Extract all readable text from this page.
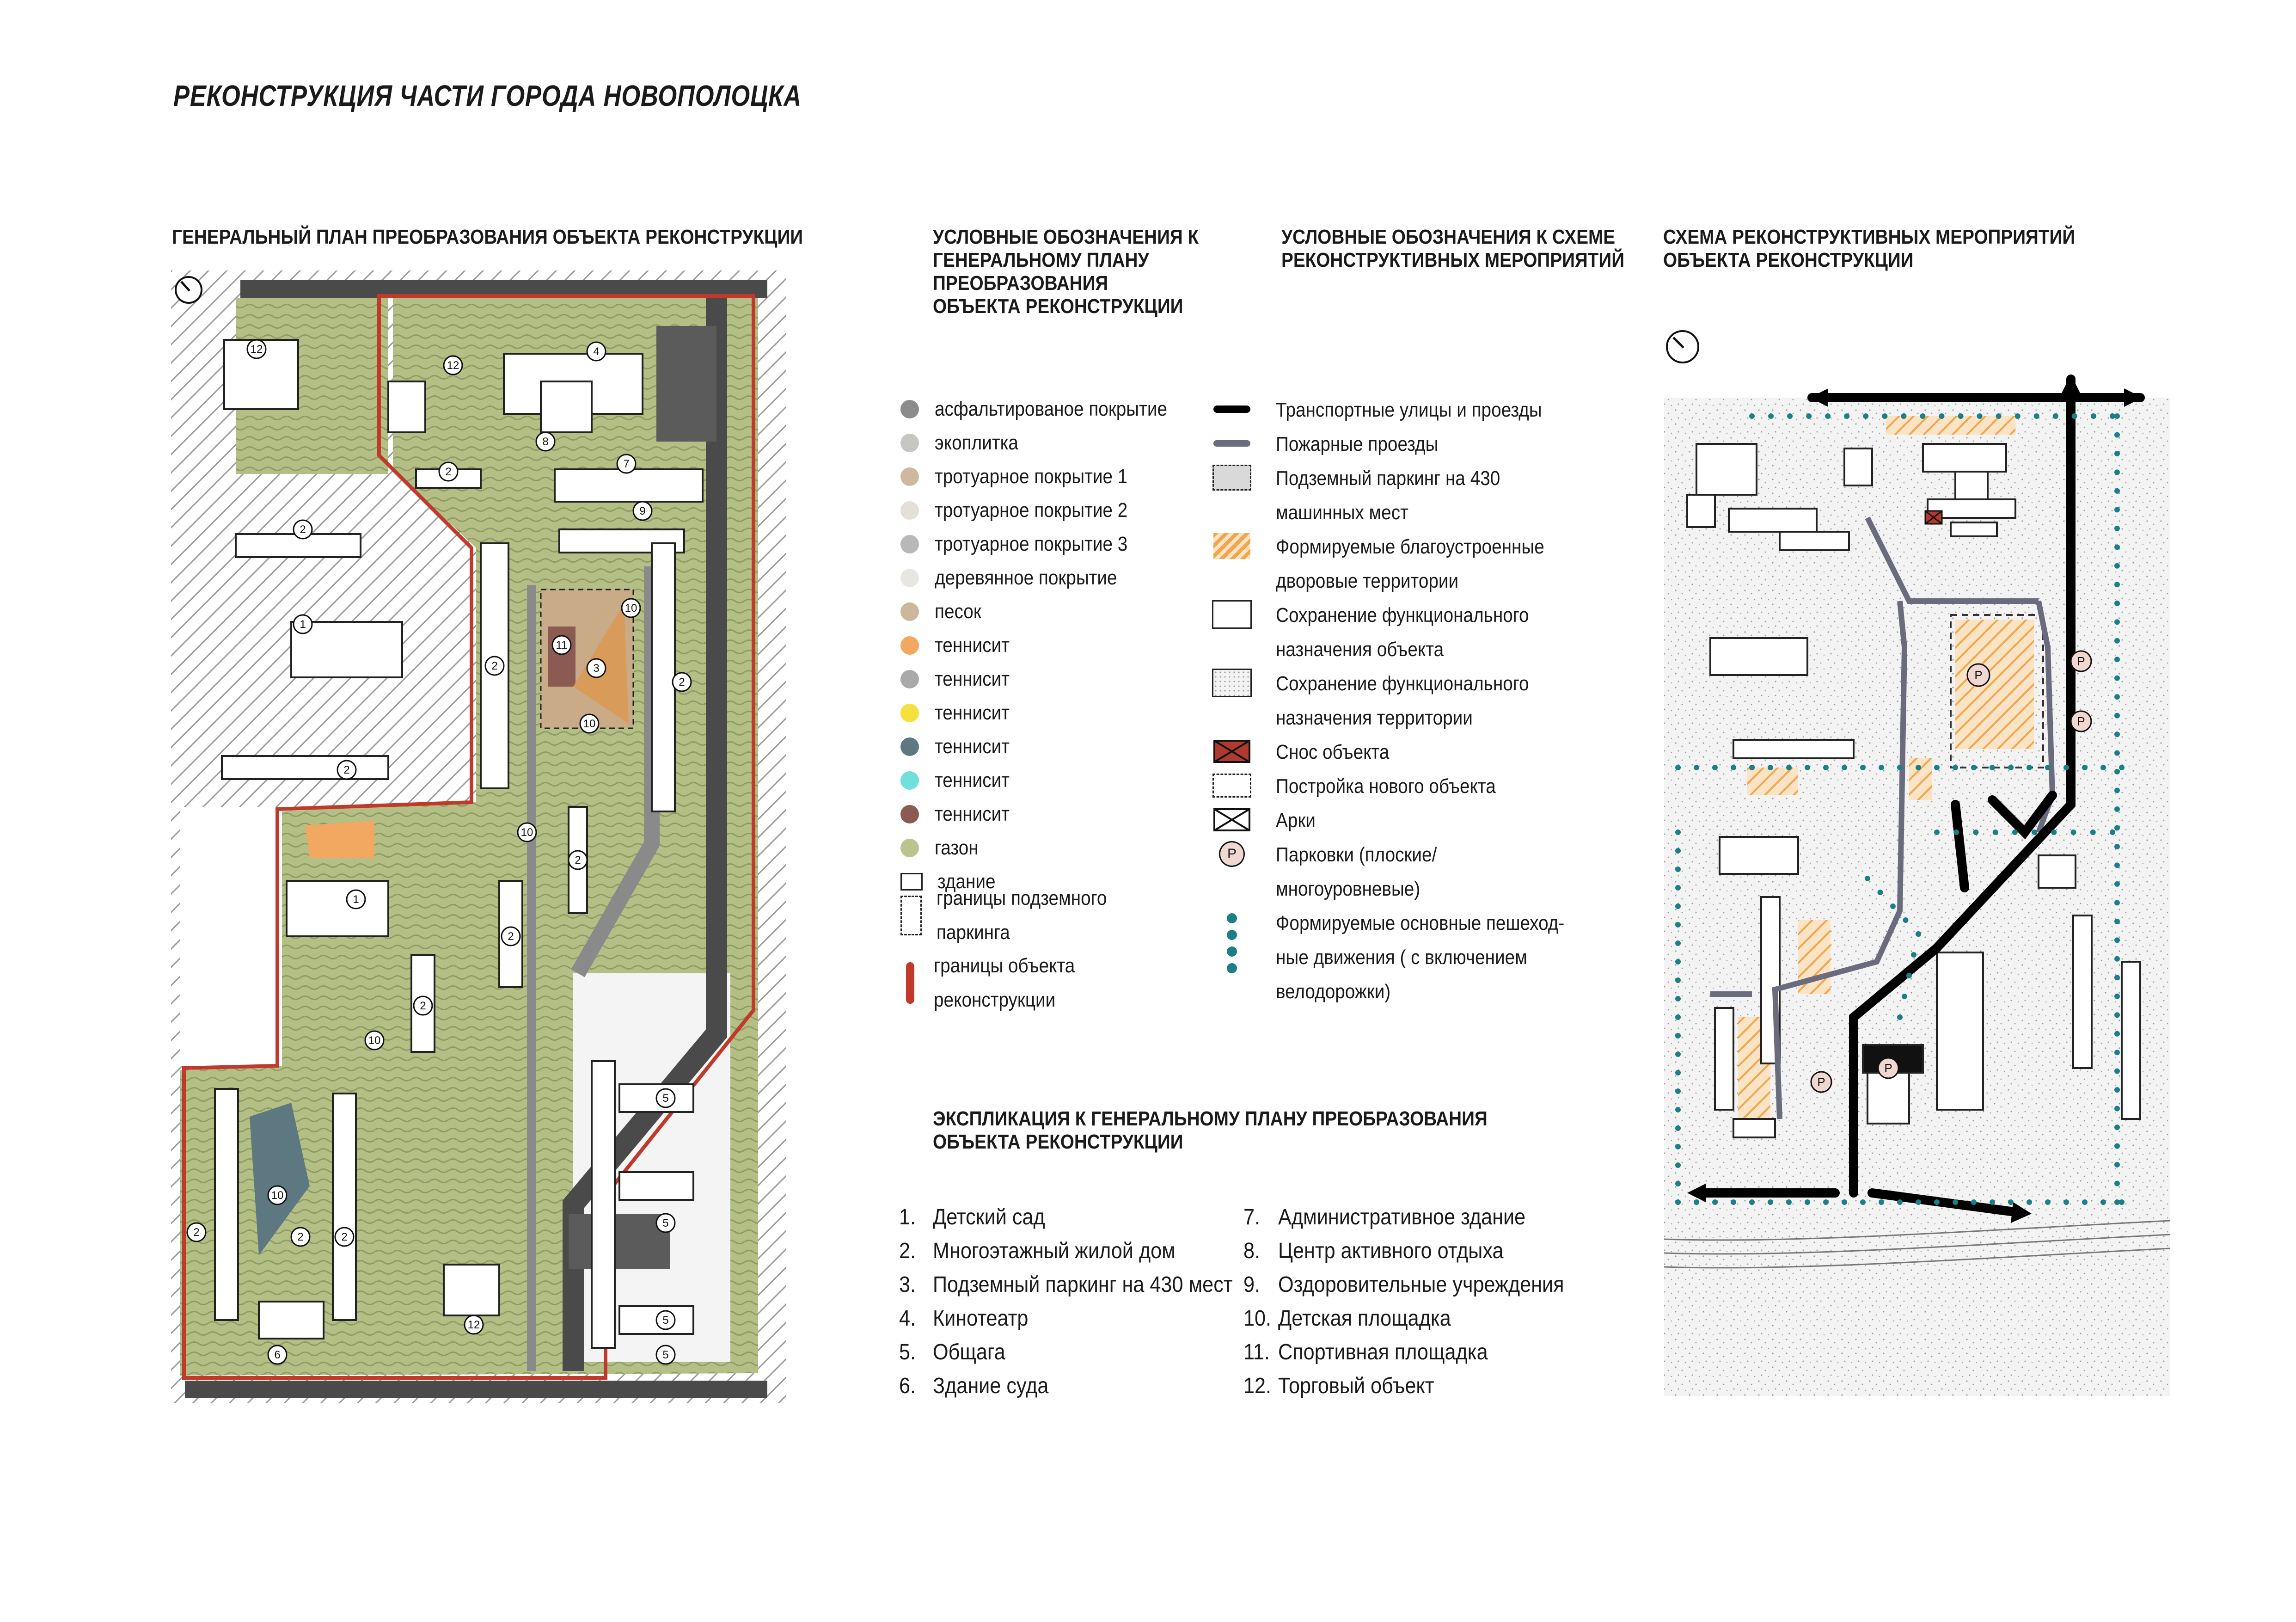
РЕКОНСТРУКЦИЯ ЧАСТИ ГОРОДА НОВОПОЛОЦКА
ГЕНЕРАЛЬНЫЙ ПЛАН ПРЕОБРАЗОВАНИЯ ОБЪЕКТА РЕКОНСТРУКЦИИ
12
2
12
4
8
7
9
2
1
2
11
3
10
10
2
2
1
2
10
2
10
2
10
2
6
12
5
5
5
5
2	2
УСЛОВНЫЕ ОБОЗНАЧЕНИЯ К
ГЕНЕРАЛЬНОМУ ПЛАНУ
ПРЕОБРАЗОВАНИЯ
ОБЪЕКТА РЕКОНСТРУКЦИИ
асфальтированое покрытие
экоплитка
тротуарное покрытие 1
тротуарное покрытие 2
тротуарное покрытие 3
деревянное покрытие
песок
теннисит
теннисит
теннисит
теннисит
теннисит
теннисит
газон
здание
границы подземного
паркинга
границы объекта
реконструкции
УСЛОВНЫЕ ОБОЗНАЧЕНИЯ К СХЕМЕ
РЕКОНСТРУКТИВНЫХ МЕРОПРИЯТИЙ
Транспортные улицы и проезды
Пожарные проезды
Подземный паркинг на 430
машинных мест
Формируемые благоустроенные
дворовые территории
Сохранение функционального
назначения объекта
Сохранение функционального
назначения территории
Снос объекта
Постройка нового объекта
Арки
Р	Парковки (плоские/
многоуровневые)
Формируемые основные пешеход-
ные движения ( с включением
велодорожки)
ЭКСПЛИКАЦИЯ К ГЕНЕРАЛЬНОМУ ПЛАНУ ПРЕОБРАЗОВАНИЯ
ОБЪЕКТА РЕКОНСТРУКЦИИ
1. Детский сад
2. Многоэтажный жилой дом
3. Подземный паркинг на 430 мест
4. Кинотеатр
5. Общага
6. Здание суда
7. Административное здание
8. Центр активного отдыха
9. Оздоровительные учреждения
10. Детская площадка
11. Спортивная площадка
12. Торговый объект
СХЕМА РЕКОНСТРУКТИВНЫХ МЕРОПРИЯТИЙ
ОБЪЕКТА РЕКОНСТРУКЦИИ
Р
Р
Р
Р
Р
